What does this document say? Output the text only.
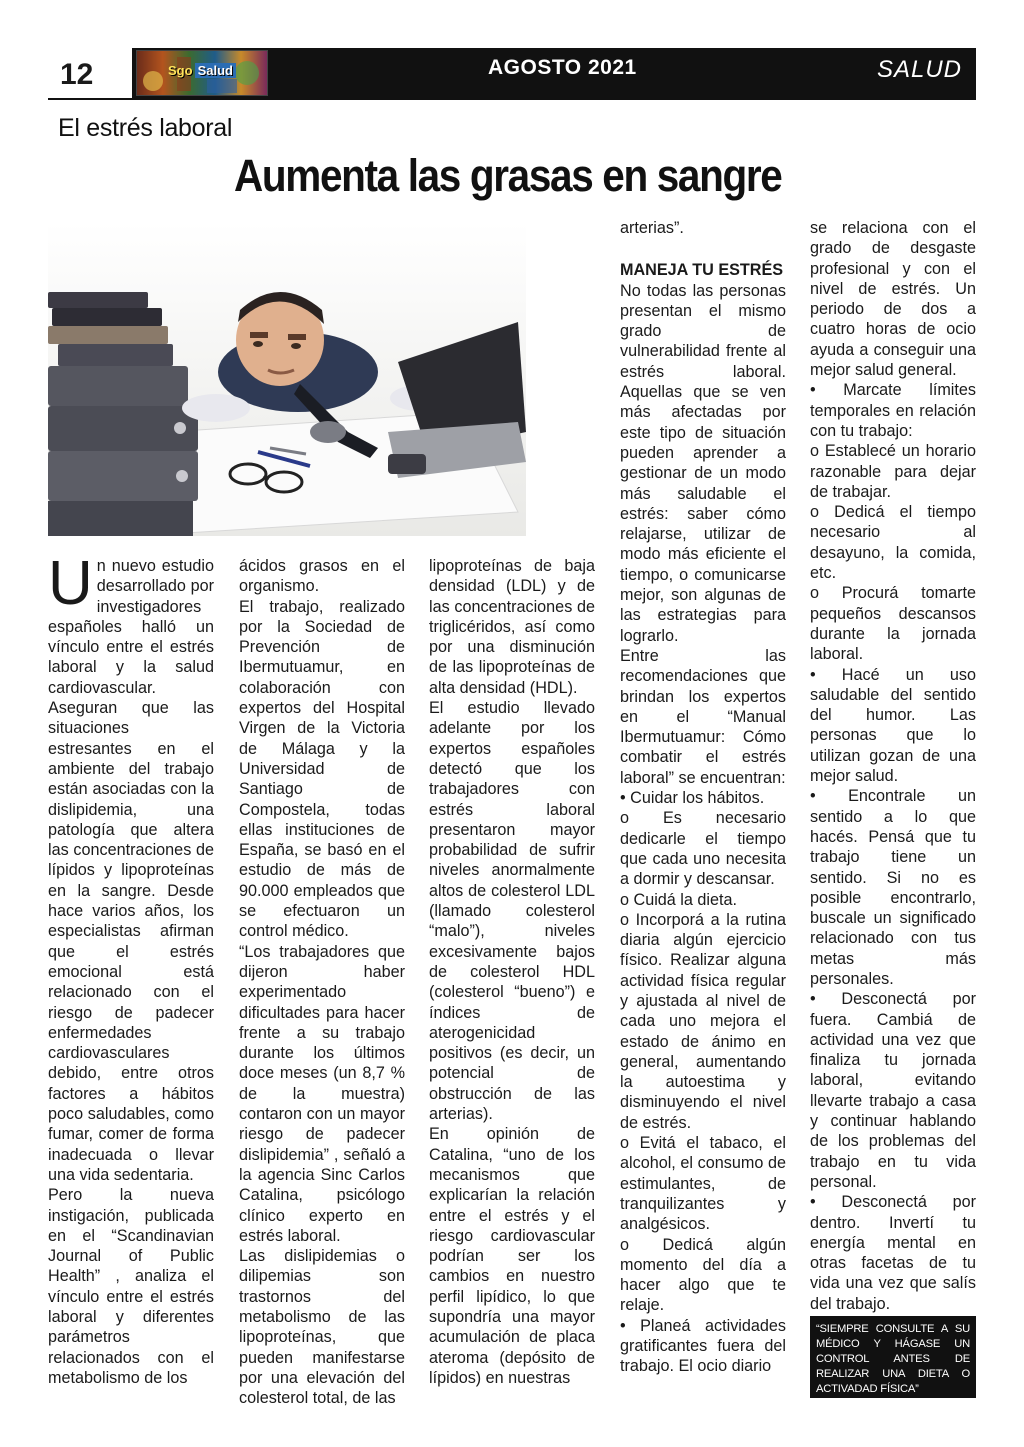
12	AGOSTO 2021	SALUD
Sgo Salud
El estrés laboral
Aumenta las grasas en sangre

Un nuevo estudio desarrollado por investigadores españoles halló un vínculo entre el estrés laboral y la salud cardiovascular. Aseguran que las situaciones estresantes en el ambiente del trabajo están asociadas con la dislipidemia, una patología que altera las concentraciones de lípidos y lipoproteínas en la sangre. Desde hace varios años, los especialistas afirman que el estrés emocional está relacionado con el riesgo de padecer enfermedades cardiovasculares debido, entre otros factores a hábitos poco saludables, como fumar, comer de forma inadecuada o llevar una vida sedentaria.

Pero la nueva instigación, publicada en el “Scandinavian Journal of Public Health” , analiza el vínculo entre el estrés laboral y diferentes parámetros relacionados con el metabolismo de los

ácidos grasos en el organismo.

El trabajo, realizado por la Sociedad de Prevención de Ibermutuamur, en colaboración con expertos del Hospital Virgen de la Victoria de Málaga y la Universidad de Santiago de Compostela, todas ellas instituciones de España, se basó en el estudio de más de 90.000 empleados que se efectuaron un control médico.

“Los trabajadores que dijeron haber experimentado dificultades para hacer frente a su trabajo durante los últimos doce meses (un 8,7 % de la muestra) contaron con un mayor riesgo de padecer dislipidemia” , señaló a la agencia Sinc Carlos Catalina, psicólogo clínico experto en estrés laboral.

Las dislipidemias o dilipemias son trastornos del metabolismo de las lipoproteínas, que pueden manifestarse por una elevación del colesterol total, de las

lipoproteínas de baja densidad (LDL) y de las concentraciones de triglicéridos, así como por una disminución de las lipoproteínas de alta densidad (HDL).

El estudio llevado adelante por los expertos españoles detectó que los trabajadores con estrés laboral presentaron mayor probabilidad de sufrir niveles anormalmente altos de colesterol LDL (llamado colesterol “malo”), niveles excesivamente bajos de colesterol HDL (colesterol “bueno”) e índices de aterogenicidad positivos (es decir, un potencial de obstrucción de las arterias).

En opinión de Catalina, “uno de los mecanismos que explicarían la relación entre el estrés y el riesgo cardiovascular podrían ser los cambios en nuestro perfil lipídico, lo que supondría una mayor acumulación de placa ateroma (depósito de lípidos) en nuestras

arterias”.

MANEJA TU ESTRÉS

No todas las personas presentan el mismo grado de vulnerabilidad frente al estrés laboral. Aquellas que se ven más afectadas por este tipo de situación pueden aprender a gestionar de un modo más saludable el estrés: saber cómo relajarse, utilizar de modo más eficiente el tiempo, o comunicarse mejor, son algunas de las estrategias para lograrlo.

Entre las recomendaciones que brindan los expertos en el “Manual Ibermutuamur: Cómo combatir el estrés laboral” se encuentran:

• Cuidar los hábitos.

o Es necesario dedicarle el tiempo que cada uno necesita a dormir y descansar.

o Cuidá la dieta.

o Incorporá a la rutina diaria algún ejercicio físico. Realizar alguna actividad física regular y ajustada al nivel de cada uno mejora el estado de ánimo en general, aumentando la autoestima y disminuyendo el nivel de estrés.

o Evitá el tabaco, el alcohol, el consumo de estimulantes, de tranquilizantes y analgésicos.

o Dedicá algún momento del día a hacer algo que te relaje.

• Planeá actividades gratificantes fuera del trabajo. El ocio diario

se relaciona con el grado de desgaste profesional y con el nivel de estrés. Un periodo de dos a cuatro horas de ocio ayuda a conseguir una mejor salud general.

• Marcate límites temporales en relación con tu trabajo:

o Establecé un horario razonable para dejar de trabajar.

o Dedicá el tiempo necesario al desayuno, la comida, etc.

o Procurá tomarte pequeños descansos durante la jornada laboral.

• Hacé un uso saludable del sentido del humor. Las personas que lo utilizan gozan de una mejor salud.

• Encontrale un sentido a lo que hacés. Pensá que tu trabajo tiene un sentido. Si no es posible encontrarlo, buscale un significado relacionado con tus metas más personales.

• Desconectá por fuera. Cambiá de actividad una vez que finaliza tu jornada laboral, evitando llevarte trabajo a casa y continuar hablando de los problemas del trabajo en tu vida personal.

• Desconectá por dentro. Invertí tu energía mental en otras facetas de tu vida una vez que salís del trabajo.

“SIEMPRE CONSULTE A SU MÉDICO Y HÁGASE UN CONTROL ANTES DE REALIZAR UNA DIETA O ACTIVADAD FÍSICA”
